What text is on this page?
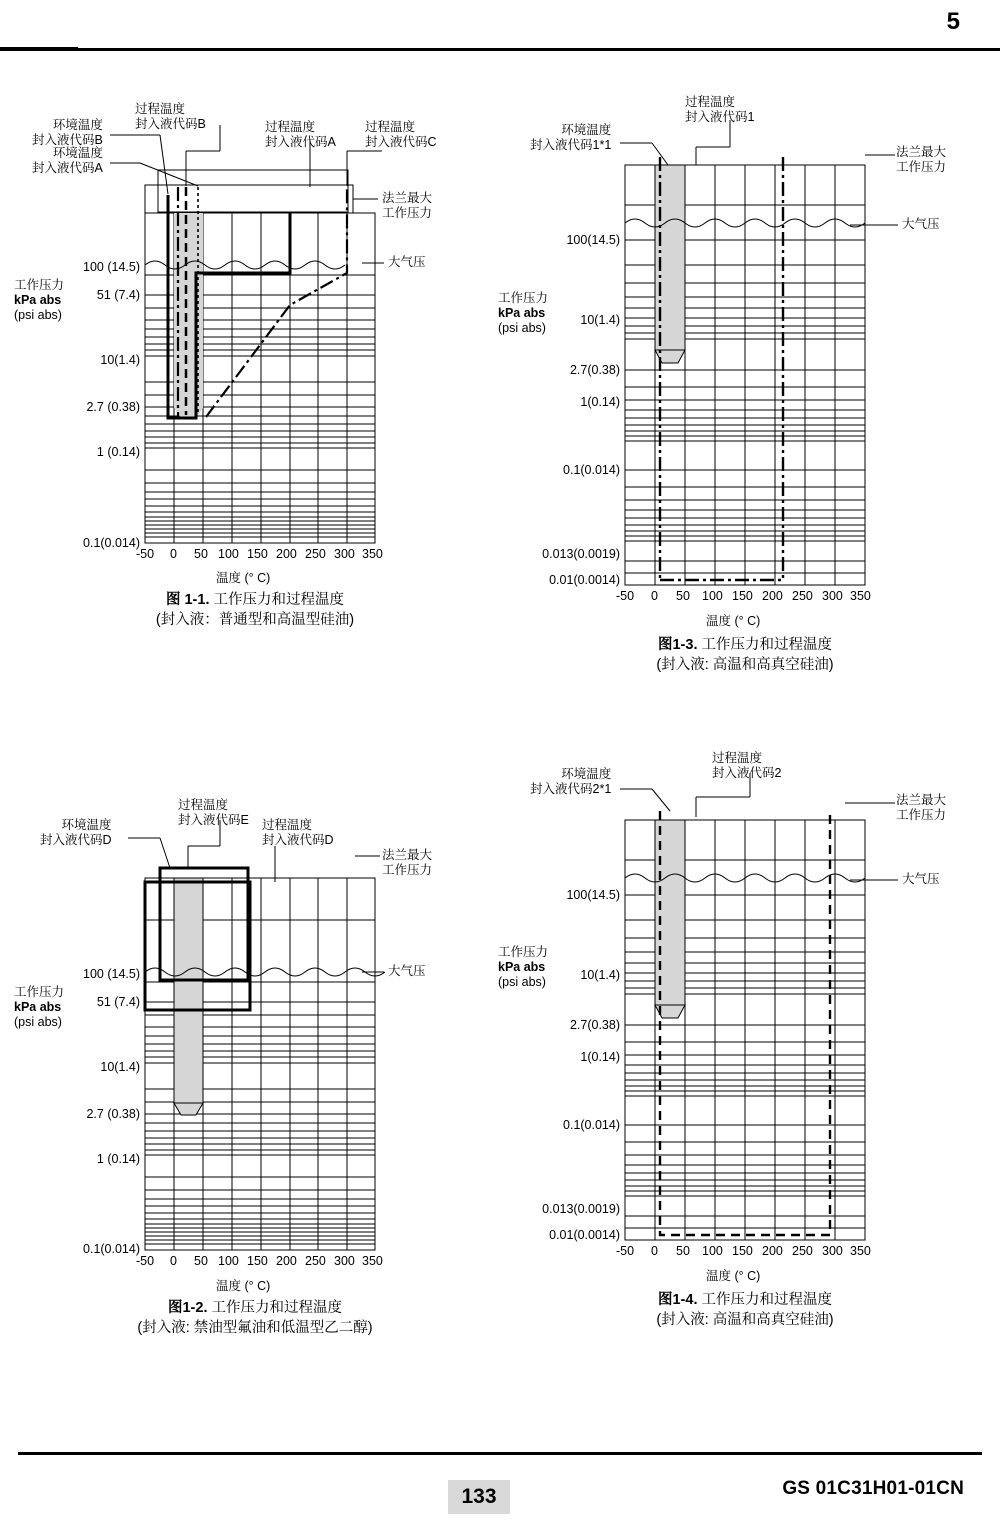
5
环境温度
封入液代码B
过程温度
封入液代码B	过程温度
封入液代码A
过程温度
封入液代码C
环境温度
封入液代码A
法兰最大
工作压力
大气压
工作压力
kPa abs
(psi abs)
100 (14.5)
51 (7.4)
10(1.4)
2.7 (0.38)
1 (0.14)
0.1(0.014)
-50 0 50 100 150 200 250 300 350
温度 (° C)
图 1-1. 工作压力和过程温度
(封入液：普通型和高温型硅油)
过程温度
封入液代码1
环境温度
封入液代码1*1	法兰最大
工作压力
大气压
工作压力
kPa abs
(psi abs)
100(14.5)
10(1.4)
2.7(0.38)
1(0.14)
0.1(0.014)
0.013(0.0019)
0.01(0.0014)
-50 0 50 100 150 200 250 300 350
温度 (° C)
图1-3. 工作压力和过程温度
(封入液: 高温和高真空硅油)
环境温度
封入液代码D
过程温度
封入液代码E 过程温度
封入液代码D
法兰最大
工作压力
大气压
工作压力
kPa abs
(psi abs)
100 (14.5)
51 (7.4)
10(1.4)
2.7 (0.38)
1 (0.14)
0.1(0.014)
-50 0 50 100 150 200 250 300 350
温度 (° C)
图1-2. 工作压力和过程温度
(封入液: 禁油型氟油和低温型乙二醇)
环境温度
封入液代码2*1
过程温度
封入液代码2
法兰最大
工作压力
大气压
工作压力
kPa abs
(psi abs)
100(14.5)
10(1.4)
2.7(0.38)
1(0.14)
0.1(0.014)
0.013(0.0019)
0.01(0.0014)
-50 0 50 100 150 200 250 300 350
温度 (° C)
图1-4. 工作压力和过程温度
(封入液: 高温和高真空硅油)
133	GS 01C31H01-01CN
